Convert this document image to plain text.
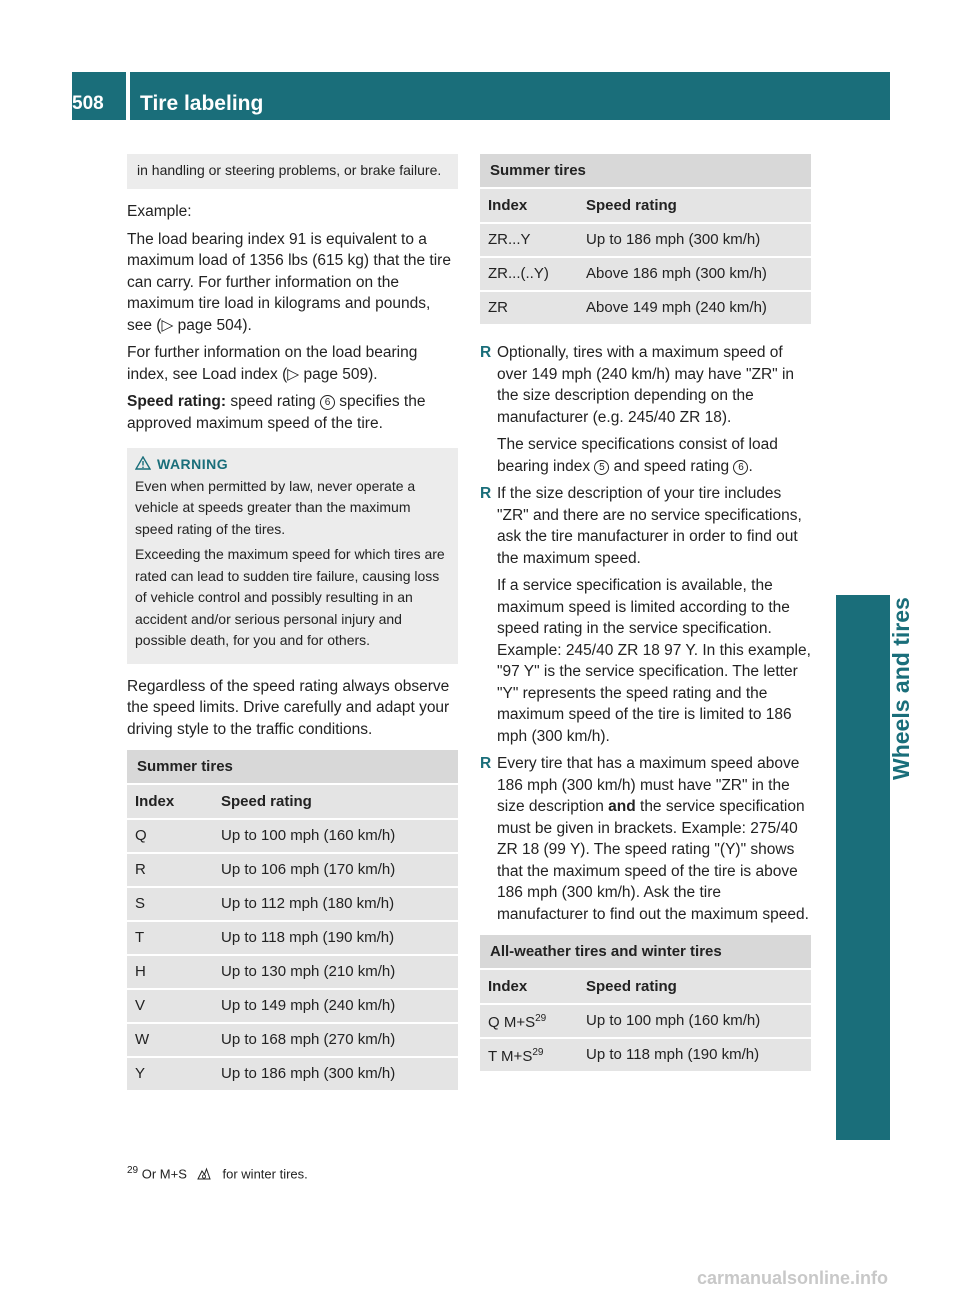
508	Tire labeling
Wheels and tires
in handling or steering problems, or brake failure.

Example:

The load bearing index 91 is equivalent to a maximum load of 1356 lbs (615 kg) that the tire can carry. For further information on the maximum tire load in kilograms and pounds, see (▷ page 504).

For further information on the load bearing index, see Load index (▷ page 509).

Speed rating: speed rating 6 specifies the approved maximum speed of the tire.

WARNING

Even when permitted by law, never operate a vehicle at speeds greater than the maximum speed rating of the tires.

Exceeding the maximum speed for which tires are rated can lead to sudden tire failure, causing loss of vehicle control and possibly resulting in an accident and/or serious personal injury and possible death, for you and for others.

Regardless of the speed rating always observe the speed limits. Drive carefully and adapt your driving style to the traffic conditions.

Summer tires	
Index	Speed rating
Q	Up to 100 mph (160 km/h)
R	Up to 106 mph (170 km/h)
S	Up to 112 mph (180 km/h)
T	Up to 118 mph (190 km/h)
H	Up to 130 mph (210 km/h)
V	Up to 149 mph (240 km/h)
W	Up to 168 mph (270 km/h)
Y	Up to 186 mph (300 km/h)
Summer tires	
Index	Speed rating
ZR...Y	Up to 186 mph (300 km/h)
ZR...(..Y)	Above 186 mph (300 km/h)
ZR	Above 149 mph (240 km/h)
R Optionally, tires with a maximum speed of over 149 mph (240 km/h) may have "ZR" in the size description depending on the manufacturer (e.g. 245/40 ZR 18).

The service specifications consist of load bearing index 5 and speed rating 6 .

R If the size description of your tire includes "ZR" and there are no service specifications, ask the tire manufacturer in order to find out the maximum speed.

If a service specification is available, the maximum speed is limited according to the speed rating in the service specification. Example: 245/40 ZR 18 97 Y. In this example, "97 Y" is the service specification. The letter "Y" represents the speed rating and the maximum speed of the tire is limited to 186 mph (300 km/h).

R Every tire that has a maximum speed above 186 mph (300 km/h) must have "ZR" in the size description and the service specification must be given in brackets. Example: 275/40 ZR 18 (99 Y). The speed rating "(Y)" shows that the maximum speed of the tire is above 186 mph (300 km/h). Ask the tire manufacturer to find out the maximum speed.

All-weather tires and winter tires	
Index	Speed rating
Q $M+S^{29}$	Up to 100 mph (160 km/h)
T $M+S^{29}$	Up to 118 mph (190 km/h)
$^{29}$ Or M+S	for winter tires.
carmanualsonline.info
